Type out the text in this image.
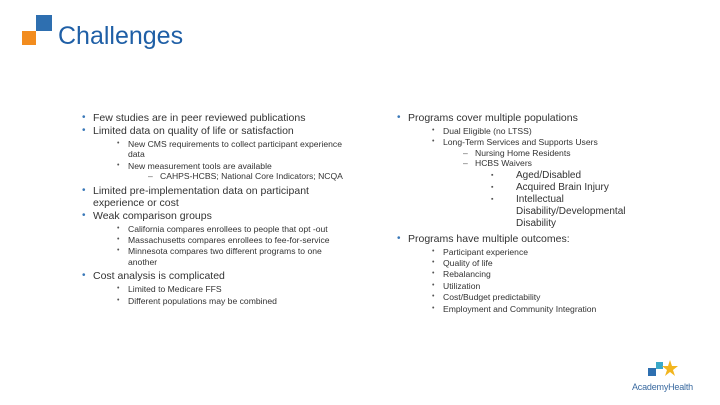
Challenges
• Few studies are in peer reviewed publications
• Limited data on quality of life or satisfaction
• New CMS requirements to collect participant experience data
• New measurement tools are available
– CAHPS-HCBS; National Core Indicators; NCQA
• Limited pre-implementation data on participant experience or cost
• Weak comparison groups
• California compares enrollees to people that opt -out
• Massachusetts compares enrollees to fee-for-service
• Minnesota compares two different programs to one another
• Cost analysis is complicated
• Limited to Medicare FFS
• Different populations may be combined
• Programs cover multiple populations
• Dual Eligible (no LTSS)
• Long-Term Services and Supports Users
– Nursing Home Residents
– HCBS Waivers
▪ Aged/Disabled
▪ Acquired Brain Injury
▪ Intellectual Disability/Developmental Disability
• Programs have multiple outcomes:
• Participant experience
• Quality of life
• Rebalancing
• Utilization
• Cost/Budget predictability
• Employment and Community Integration
AcademyHealth
